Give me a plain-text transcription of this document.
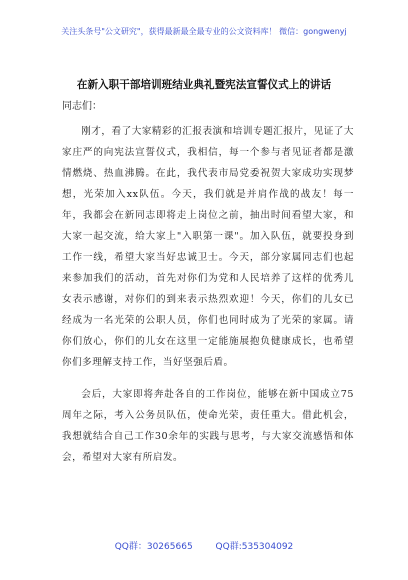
关注头条号"公文研究"，获得最新最全最专业的公文资料库！ 微信：gongwenyj
在新入职干部培训班结业典礼暨宪法宣誓仪式上的讲话
同志们：

刚才，看了大家精彩的汇报表演和培训专题汇报片，见证了大家庄严的向宪法宣誓仪式，我相信，每一个参与者见证者都是激情燃烧、热血沸腾。在此，我代表市局党委祝贺大家成功实现梦想，光荣加入xx队伍。今天，我们就是并肩作战的战友！每一年，我都会在新同志即将走上岗位之前，抽出时间看望大家，和大家一起交流，给大家上"入职第一课"。加入队伍，就要投身到工作一线，希望大家当好忠诚卫士。今天，部分家属同志们也起来参加我们的活动，首先对你们为党和人民培养了这样的优秀儿女表示感谢，对你们的到来表示热烈欢迎！今天，你们的儿女已经成为一名光荣的公职人员，你们也同时成为了光荣的家属。请你们放心，你们的儿女在这里一定能施展抱负健康成长，也希望你们多理解支持工作，当好坚强后盾。

会后，大家即将奔赴各自的工作岗位，能够在新中国成立75周年之际，考入公务员队伍，使命光荣，责任重大。借此机会，我想就结合自己工作30余年的实践与思考，与大家交流感悟和体会，希望对大家有所启发。

QQ群：30265665	QQ群:535304092
